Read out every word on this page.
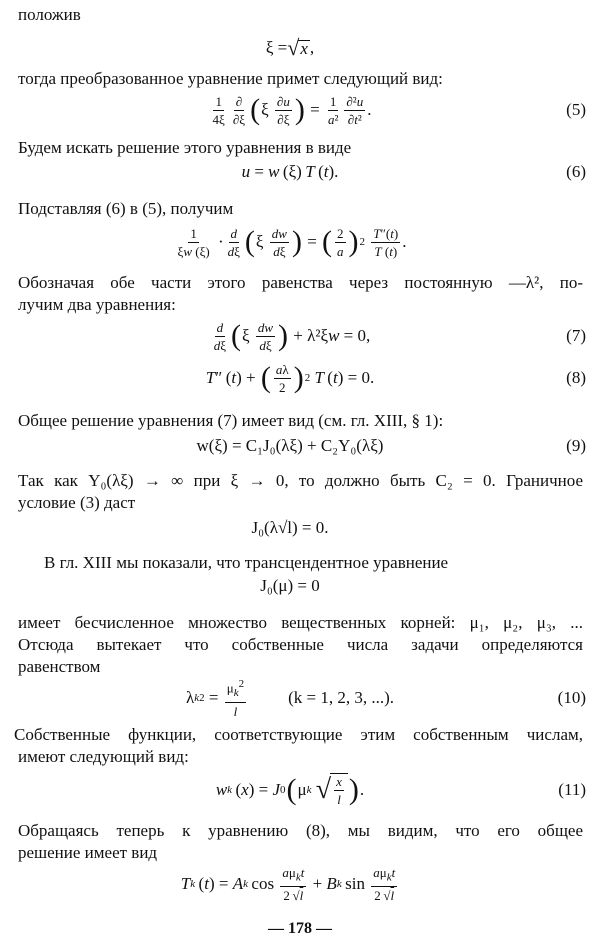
положив
ξ = √ x ,
тогда преобразованное уравнение примет следующий вид:
$\frac{1}{4\xi} \frac{\partial}{\partial\xi}$ ( ξ $\frac{\partial u}{\partial\xi}$ ) = $\frac{1}{\text{a²}} \frac{\text{∂²u}}{\text{∂t²}}$ .	(5)
Будем искать решение этого уравнения в виде
u = w  (ξ)  T  ( t ).	(6)
Подставляя (6) в (5), получим
$\frac{1}{\xi w (\xi)} \cdot \frac{d}{d\xi}$ ( ξ $\frac{dw}{d\xi}$ ) = ( $\frac{2}{a}$ ) 2
$\frac{T''(t)}{T (t)}$ .
Обозначая обе части этого равенства через постоянную —λ², по-
лучим два уравнения:
$\frac{d}{d\xi}$ ( ξ $\frac{dw}{d\xi}$ ) + λ²ξ w = 0,	(7)
T ″ ( t ) + ( $\frac{a\lambda}{2}$ ) 2
T  ( t ) = 0.	(8)
Общее решение уравнения (7) имеет вид (см. гл. XIII, § 1):
w(ξ) = C₁J₀(λξ) + C₂Y₀(λξ)	(9)
Так как Y₀(λξ) → ∞ при ξ → 0, то должно быть C₂ = 0. Граничное
условие (3) даст
J₀(λ√l) = 0.
В гл. XIII мы показали, что трансцендентное уравнение
J₀(μ) = 0
имеет бесчисленное множество вещественных корней: μ₁, μ₂, μ₃, ...
Отсюда вытекает что собственные числа задачи определяются
равенством
λ k $2 = \frac{\mu_k^2}{l} (k = 1$, 2, 3, ...).	(10)
Собственные функции, соответствующие этим собственным числам,
имеют следующий вид:
w k  ( x ) = J 0 ( μ k
√ $\frac{x}{l}$ ) .	(11)
Обращаясь теперь к уравнению (8), мы видим, что его общее
решение имеет вид
T k  ( t ) = A k  $\cos \frac{a\mu_kt}{2 √l} + B$ k  $\sin \frac{a\mu_kt}{2 √l}$
— 178 —
